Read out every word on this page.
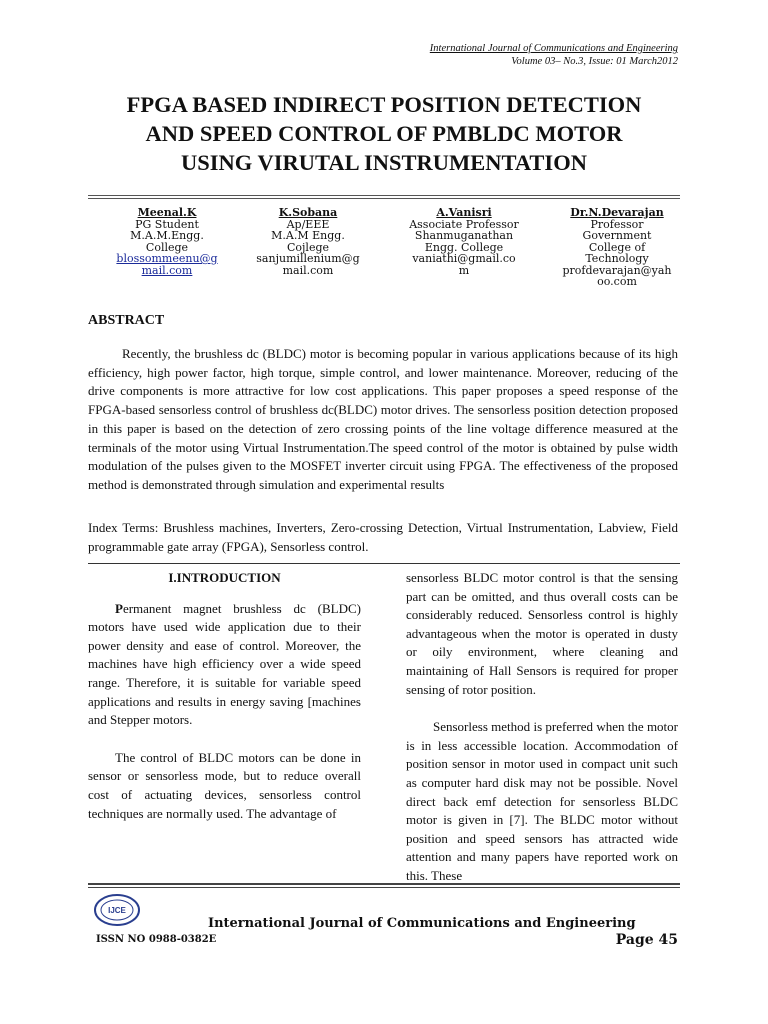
International Journal of Communications and Engineering
Volume 03– No.3, Issue: 01 March2012
FPGA BASED INDIRECT POSITION DETECTION
AND SPEED CONTROL OF PMBLDC MOTOR
USING VIRUTAL INSTRUMENTATION
Meenal.K
PG Student
M.A.M.Engg.
College
blossommeenu@g
mail.com
K.Sobana
Ap/EEE
M.A.M Engg.
Cojlege
sanjumillenium@g
mail.com
A.Vanisri
Associate Professor
Shanmuganathan
Engg. College
vaniathi@gmail.co
m
Dr.N.Devarajan
Professor
Government
College of
Technology
profdevarajan@yah
oo.com
ABSTRACT

Recently, the brushless dc (BLDC) motor is becoming popular in various applications because of its high efficiency, high power factor, high torque, simple control, and lower maintenance. Moreover, reducing of the drive components is more attractive for low cost applications. This paper proposes a speed response of the FPGA-based sensorless control of brushless dc(BLDC) motor drives. The sensorless position detection proposed in this paper is based on the detection of zero crossing points of the line voltage difference measured at the terminals of the motor using Virtual Instrumentation.The speed control of the motor is obtained by pulse width modulation of the pulses given to the MOSFET inverter circuit using FPGA. The effectiveness of the proposed method is demonstrated through simulation and experimental results

Index Terms: Brushless machines, Inverters, Zero-crossing Detection, Virtual Instrumentation, Labview, Field programmable gate array (FPGA), Sensorless control.

I.INTRODUCTION

Permanent magnet brushless dc (BLDC) motors have used wide application due to their power density and ease of control. Moreover, the machines have high efficiency over a wide speed range. Therefore, it is suitable for variable speed applications and results in energy saving [machines and Stepper motors.

The control of BLDC motors can be done in sensor or sensorless mode, but to reduce overall cost of actuating devices, sensorless control techniques are normally used. The advantage of

sensorless BLDC motor control is that the sensing part can be omitted, and thus overall costs can be considerably reduced. Sensorless control is highly advantageous when the motor is operated in dusty or oily environment, where cleaning and maintaining of Hall Sensors is required for proper sensing of rotor position.

Sensorless method is preferred when the motor is in less accessible location. Accommodation of position sensor in motor used in compact unit such as computer hard disk may not be possible. Novel direct back emf detection for sensorless BLDC motor is given in [7]. The BLDC motor without position and speed sensors has attracted wide attention and many papers have reported work on this. These

IJCE
International Journal of Communications and Engineering
ISSN NO 0988-0382E	Page 45
